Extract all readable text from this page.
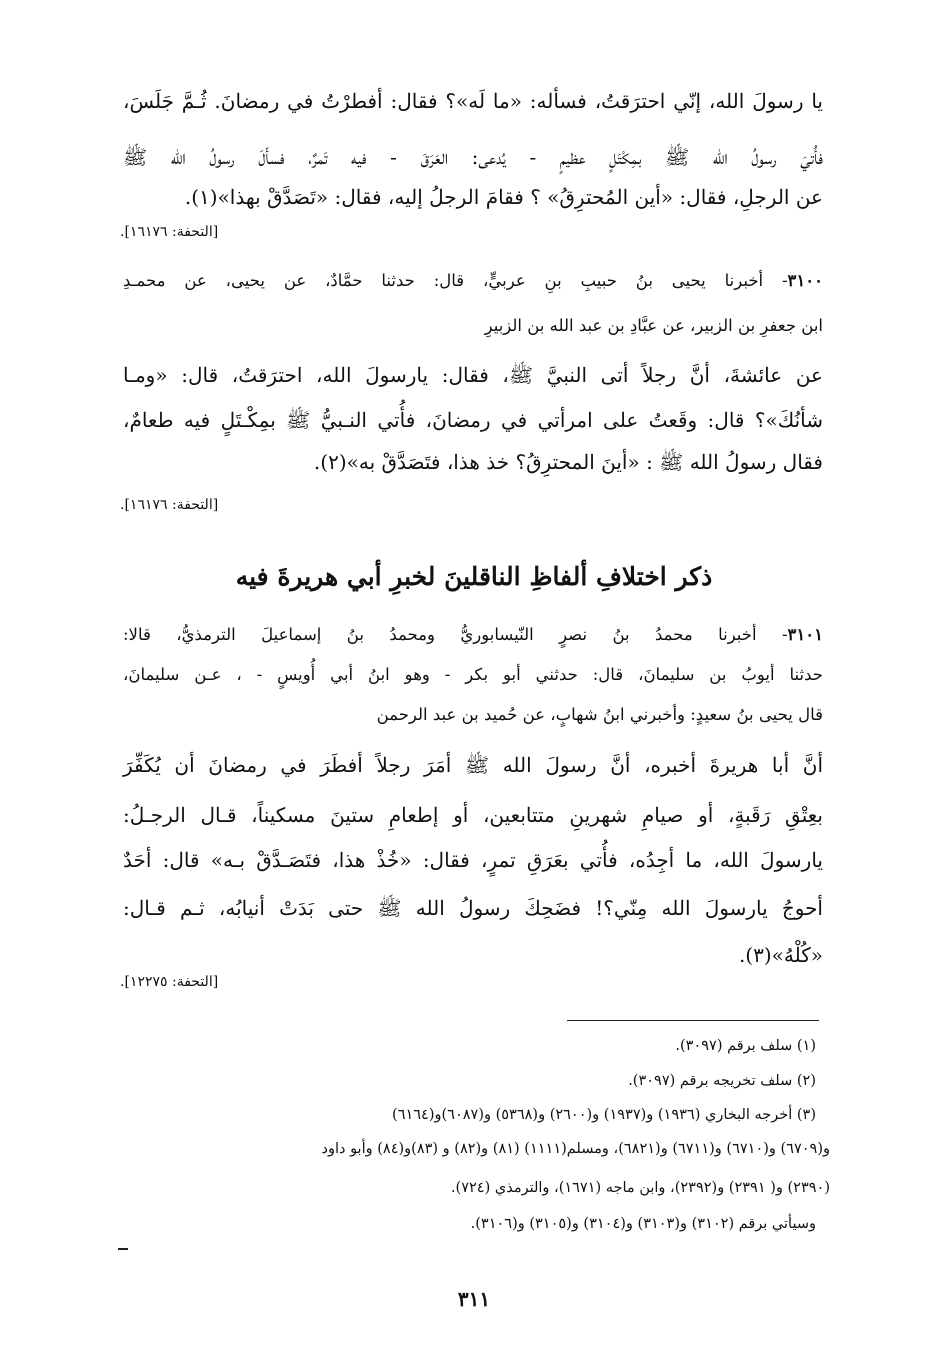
يا رسولَ الله، إنّي احترَقتُ، فسأله: «ما لَه»؟ فقال: أفطرْتُ في رمضانَ. ثُـمَّ جَلَسَ،
فأُتيَ رسولُ الله ﷺ بمِكْتَلٍ عظيمٍ - يُدعى: العَرَقَ - فيه تَمرٌ، فسأَلَ رسولُ الله ﷺ
عن الرجلِ، فقال: «أين المُحترِقُ» ؟ فقامَ الرجلُ إليه، فقال: «تَصَدَّقْ بهذا»(١).
[التحفة: ١٦١٧٦].
٣١٠٠- أخبرنا يحيى بنُ حبيبِ بنِ عربيٍّ، قال: حدثنا حمَّادٌ، عن يحيى، عن محمـدِ
ابن جعفرِ بن الزبير، عن عبَّادِ بن عبد الله بن الزبيرِ
عن عائشةَ، أنَّ رجلاً أتى النبيَّ ﷺ، فقال: يارسولَ الله، احترَقتُ، قال: «ومـا
شأنُكَ»؟ قال: وقَعتُ على امرأتي في رمضانَ، فأُتي النـبيُّ ﷺ بمِكْـتَلٍ فيه طعامٌ،
فقال رسولُ الله ﷺ : «أينَ المحترِقُ؟ خذ هذا، فتَصَدَّقْ به»(٢).
[التحفة: ١٦١٧٦].
ذكر اختلافِ ألفاظِ الناقلينَ لخبرِ أبي هريرةَ فيه
٣١٠١- أخبرنا محمدُ بنُ نصرٍ النّيسابوريُّ ومحمدُ بنُ إسماعيلَ الترمذيُّ، قالا:
حدثنا أيوبُ بن سليمانَ، قال: حدثني أبو بكر - وهو ابنُ أبي أُويسٍ - ، عـن سليمانَ،
قال يحيى بنُ سعيدٍ: وأخبرني ابنُ شهابٍ، عن حُميد بن عبد الرحمن
أنَّ أبا هريرةَ أخبره، أنَّ رسولَ الله ﷺ أمَرَ رجلاً أفطَرَ في رمضانَ أن يُكَفِّرَ
بعِتْقِ رَقَبةٍ، أو صيامِ شهرينِ متتابعين، أو إطعامِ ستينَ مسكيناً، قـال الرجـلُ:
يارسولَ الله، ما أجِدُه، فأُتي بعَرَقِ تمرٍ، فقال: «خُذْ هذا، فتَصَـدَّقْ بـه» قال: أحَدٌ
أحوجُ يارسولَ الله مِنّي؟! فضَحِكَ رسولُ الله ﷺ حتى بَدَتْ أنيابُه، ثـم قـال:
«كُلْهُ»(٣).
[التحفة: ١٢٢٧٥].
(١) سلف برقم (٣٠٩٧).
(٢) سلف تخريجه برقم (٣٠٩٧).
(٣) أخرجه البخاري (١٩٣٦) و(١٩٣٧) و(٢٦٠٠) و(٥٣٦٨) و(٦٠٨٧)و(٦١٦٤)
و(٦٧٠٩) و(٦٧١٠) و(٦٧١١) و(٦٨٢١)، ومسلم(١١١١) (٨١) و(٨٢) و (٨٣)و(٨٤) وأبو داود
(٢٣٩٠) و( ٢٣٩١) و(٢٣٩٢)، وابن ماجه (١٦٧١)، والترمذي (٧٢٤).
وسيأتي برقم (٣١٠٢) و(٣١٠٣) و(٣١٠٤) و(٣١٠٥) و(٣١٠٦).
٣١١
